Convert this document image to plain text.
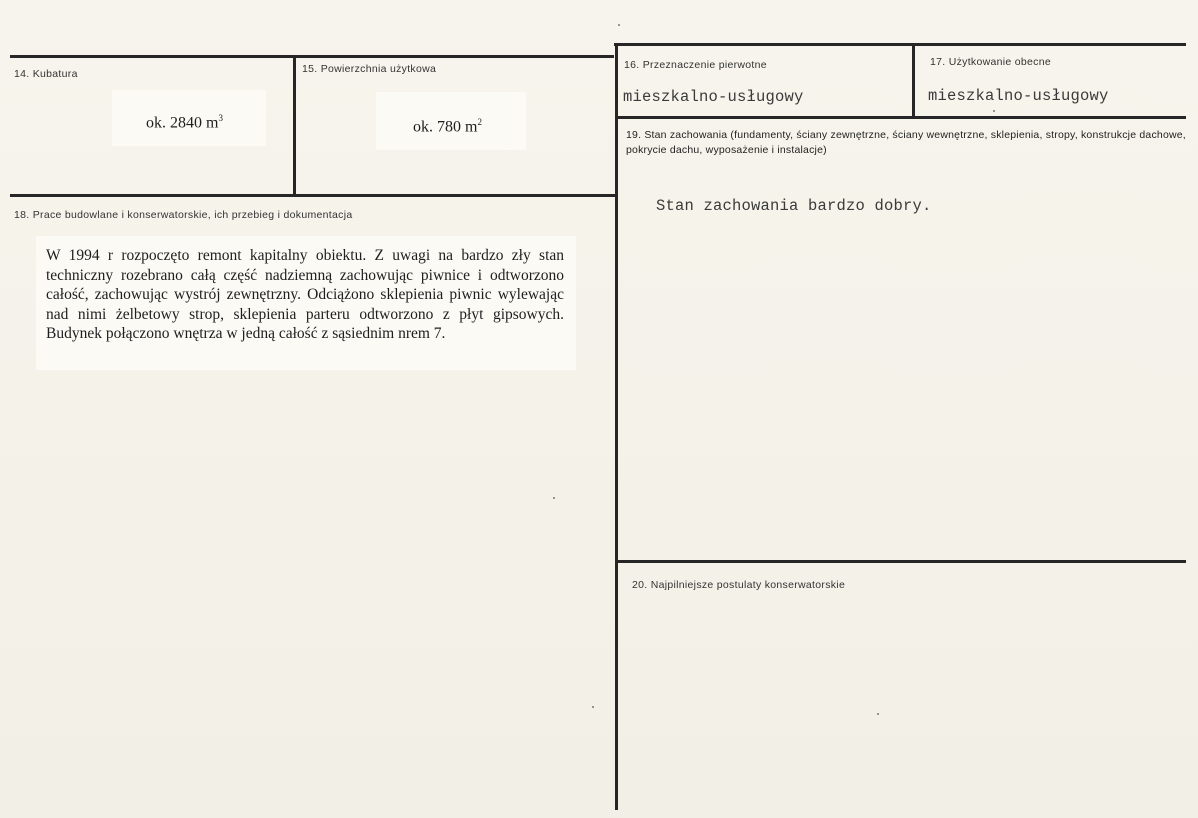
14. Kubatura
ok. 2840 $m^3$
15. Powierzchnia użytkowa
ok. 780 $m^2$
16. Przeznaczenie pierwotne
mieszkalno-usługowy
17. Użytkowanie obecne
mieszkalno-usługowy
18. Prace budowlane i konserwatorskie, ich przebieg i dokumentacja
W 1994 r rozpoczęto remont kapitalny obiektu. Z uwagi na bardzo zły stan techniczny rozebrano całą część nadziemną zachowując piwnice i odtworzono całość, zachowując wystrój zewnętrzny. Odciążono sklepienia piwnic wylewając nad nimi żelbetowy strop, sklepienia parteru odtworzono z płyt gipsowych. Budynek połączono wnętrza w jedną całość z sąsiednim nrem 7.
19. Stan zachowania (fundamenty, ściany zewnętrzne, ściany wewnętrzne, sklepienia, stropy, konstrukcje dachowe, pokrycie dachu, wyposażenie i instalacje)
Stan zachowania bardzo dobry.
20. Najpilniejsze postulaty konserwatorskie
